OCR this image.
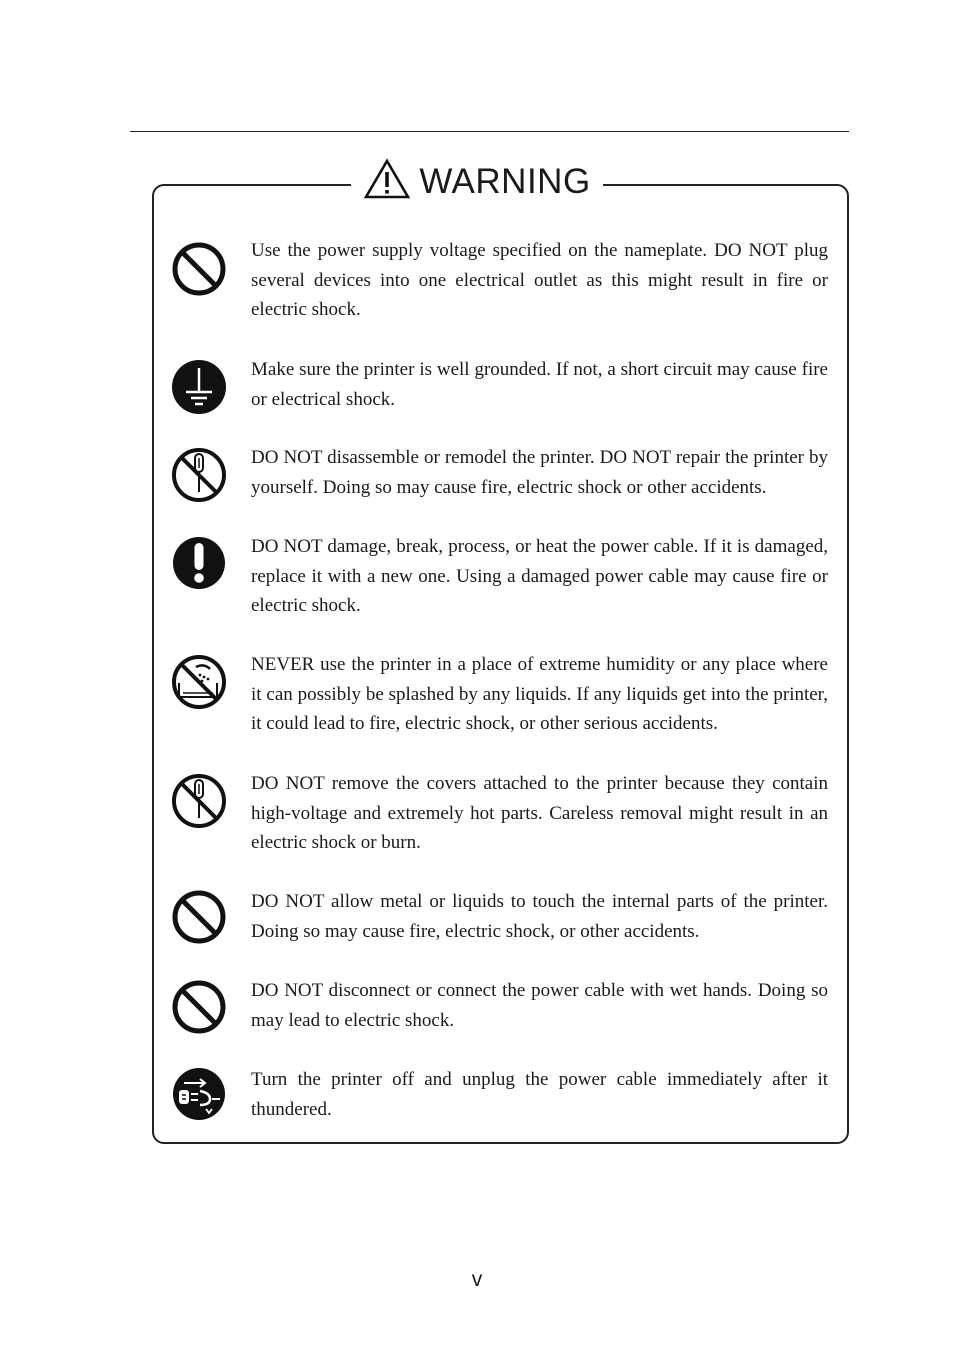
WARNING

Use the power supply voltage specified on the nameplate. DO NOT plug several devices into one electrical outlet as this might result in fire or electric shock.

Make sure the printer is well grounded. If not, a short circuit may cause fire or electrical shock.

DO NOT disassemble or remodel the printer. DO NOT repair the printer by yourself. Doing so may cause fire, electric shock or other accidents.

DO NOT damage, break, process, or heat the power cable. If it is damaged, replace it with a new one. Using a damaged power cable may cause fire or electric shock.

NEVER use the printer in a place of extreme humidity or any place where it can possibly be splashed by any liquids. If any liquids get into the printer, it could lead to fire, electric shock, or other serious accidents.

DO NOT remove the covers attached to the printer because they contain high-voltage and extremely hot parts. Careless removal might result in an electric shock or burn.

DO NOT allow metal or liquids to touch the internal parts of the printer. Doing so may cause fire, electric shock, or other accidents.

DO NOT disconnect or connect the power cable with wet hands. Doing so may lead to electric shock.

Turn the printer off and unplug the power cable immediately after it thundered.

v
